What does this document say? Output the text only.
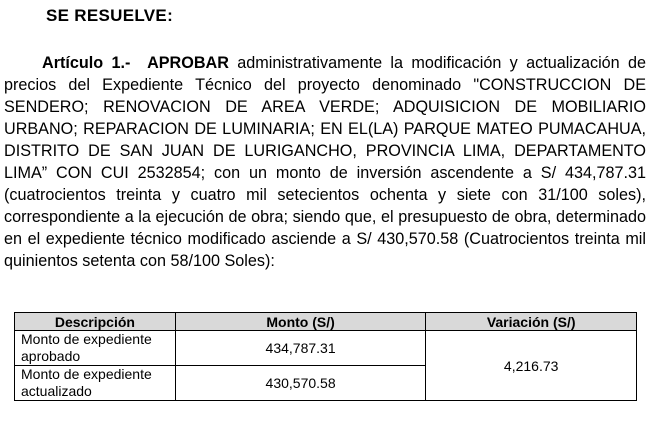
SE RESUELVE:

Artículo 1.- APROBAR administrativamente la modificación y actualización de precios del Expediente Técnico del proyecto denominado "CONSTRUCCION DE SENDERO; RENOVACION DE AREA VERDE; ADQUISICION DE MOBILIARIO URBANO; REPARACION DE LUMINARIA; EN EL(LA) PARQUE MATEO PUMACAHUA, DISTRITO DE SAN JUAN DE LURIGANCHO, PROVINCIA LIMA, DEPARTAMENTO LIMA” CON CUI 2532854; con un monto de inversión ascendente a S/ 434,787.31 (cuatrocientos treinta y cuatro mil setecientos ochenta y siete con 31/100 soles), correspondiente a la ejecución de obra; siendo que, el presupuesto de obra, determinado en el expediente técnico modificado asciende a S/ 430,570.58 (Cuatrocientos treinta mil quinientos setenta con 58/100 Soles):

Descripción	Monto (S/)	Variación (S/)
Monto de expediente aprobado	434,787.31	4,216.73
Monto de expediente actualizado	430,570.58	
